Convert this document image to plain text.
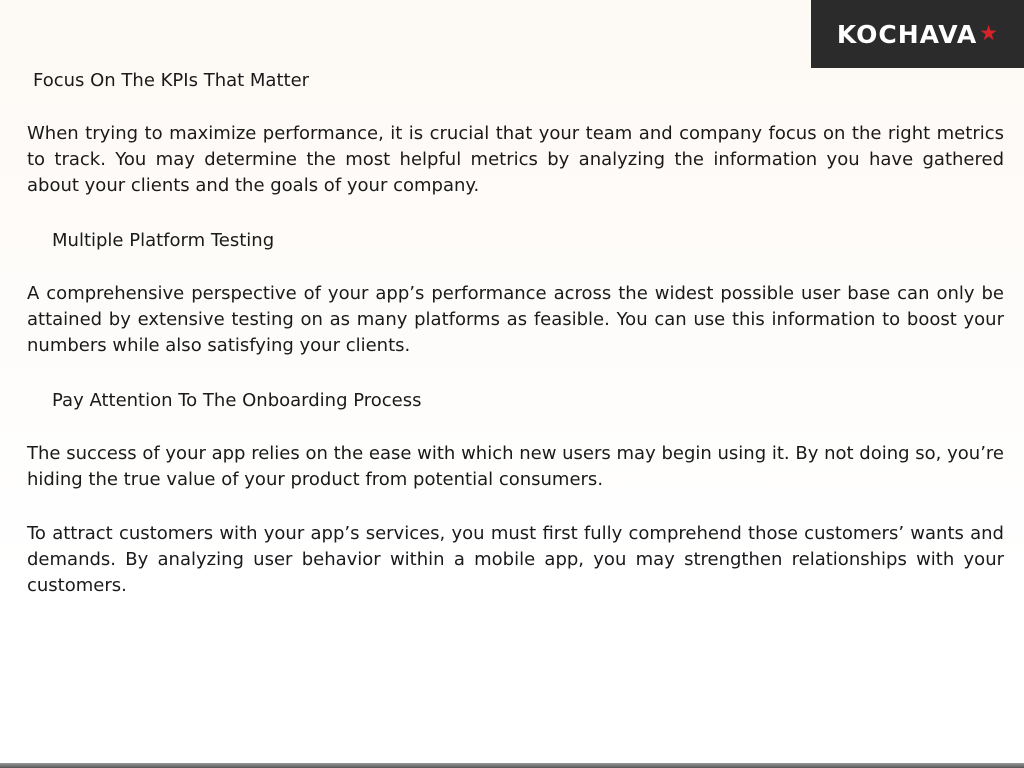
KOCHAVA ★

Focus On The KPIs That Matter

When trying to maximize performance, it is crucial that your team and company focus on the right metrics to track. You may determine the most helpful metrics by analyzing the information you have gathered about your clients and the goals of your company.

Multiple Platform Testing

A comprehensive perspective of your app’s performance across the widest possible user base can only be attained by extensive testing on as many platforms as feasible. You can use this information to boost your numbers while also satisfying your clients.

Pay Attention To The Onboarding Process

The success of your app relies on the ease with which new users may begin using it. By not doing so, you’re hiding the true value of your product from potential consumers.

To attract customers with your app’s services, you must first fully comprehend those customers’ wants and demands. By analyzing user behavior within a mobile app, you may strengthen relationships with your customers.
